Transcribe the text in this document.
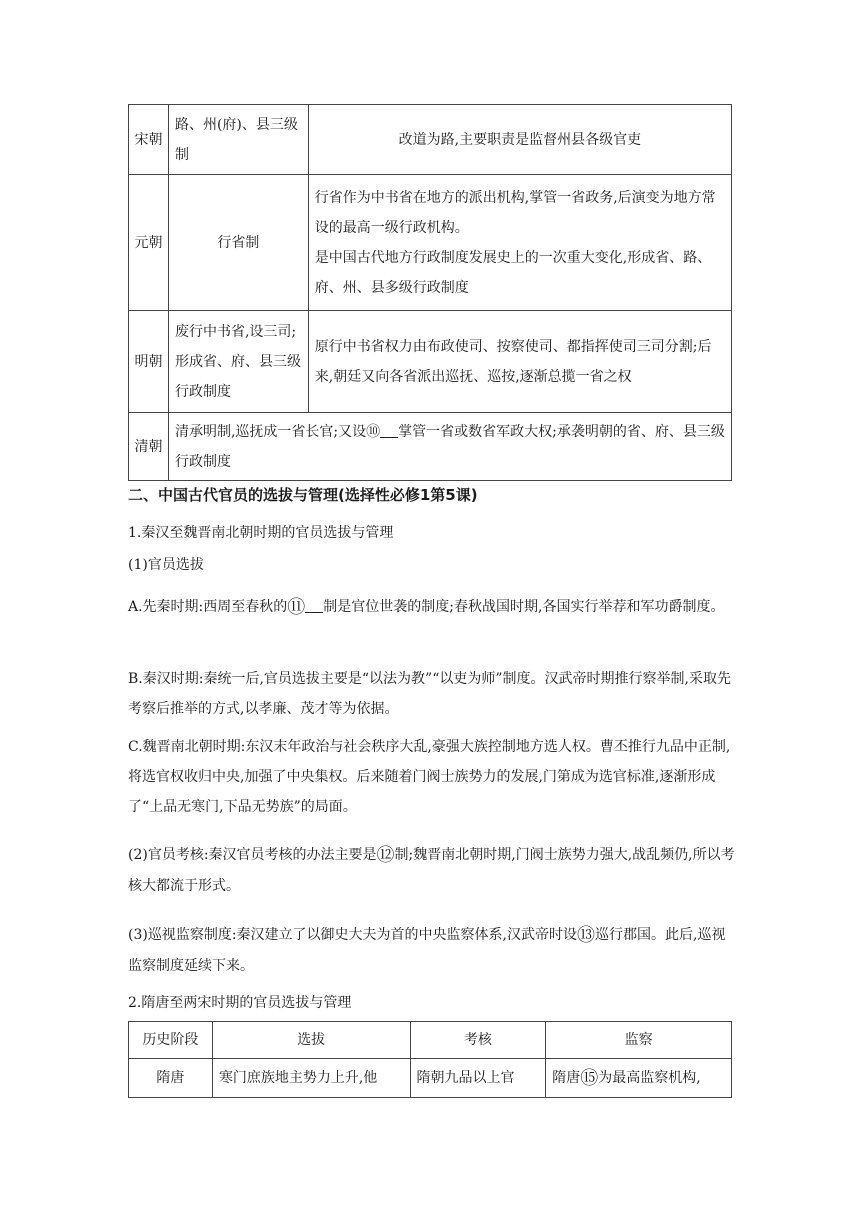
宋朝	路、州(府)、县三级制	改道为路,主要职责是监督州县各级官吏
元朝	行省制	行省作为中书省在地方的派出机构,掌管一省政务,后演变为地方常设的最高一级行政机构。
是中国古代地方行政制度发展史上的一次重大变化,形成省、路、府、州、县多级行政制度

明朝	废行中书省,设三司;形成省、府、县三级行政制度	原行中书省权力由布政使司、按察使司、都指挥使司三司分割;后来,朝廷又向各省派出巡抚、巡按,逐渐总揽一省之权
清朝	清承明制,巡抚成一省长官;又设⑩ 掌管一省或数省军政大权;承袭明朝的省、府、县三级行政制度	
二、中国古代官员的选拔与管理(选择性必修1第5课)
1.秦汉至魏晋南北朝时期的官员选拔与管理
(1)官员选拔
A.先秦时期:西周至春秋的⑪ 制是官位世袭的制度;春秋战国时期,各国实行举荐和军功爵制度。
B.秦汉时期:秦统一后,官员选拔主要是“以法为教”“以吏为师”制度。汉武帝时期推行察举制,采取先考察后推举的方式,以孝廉、茂才等为依据。
C.魏晋南北朝时期:东汉末年政治与社会秩序大乱,豪强大族控制地方选人权。曹丕推行九品中正制,将选官权收归中央,加强了中央集权。后来随着门阀士族势力的发展,门第成为选官标准,逐渐形成了“上品无寒门,下品无势族”的局面。
(2)官员考核:秦汉官员考核的办法主要是⑫制;魏晋南北朝时期,门阀士族势力强大,战乱频仍,所以考核大都流于形式。
(3)巡视监察制度:秦汉建立了以御史大夫为首的中央监察体系,汉武帝时设⑬巡行郡国。此后,巡视监察制度延续下来。
2.隋唐至两宋时期的官员选拔与管理
历史阶段	选拔	考核	监察
隋唐	寒门庶族地主势力上升,他	隋朝九品以上官	隋唐⑮为最高监察机构,
